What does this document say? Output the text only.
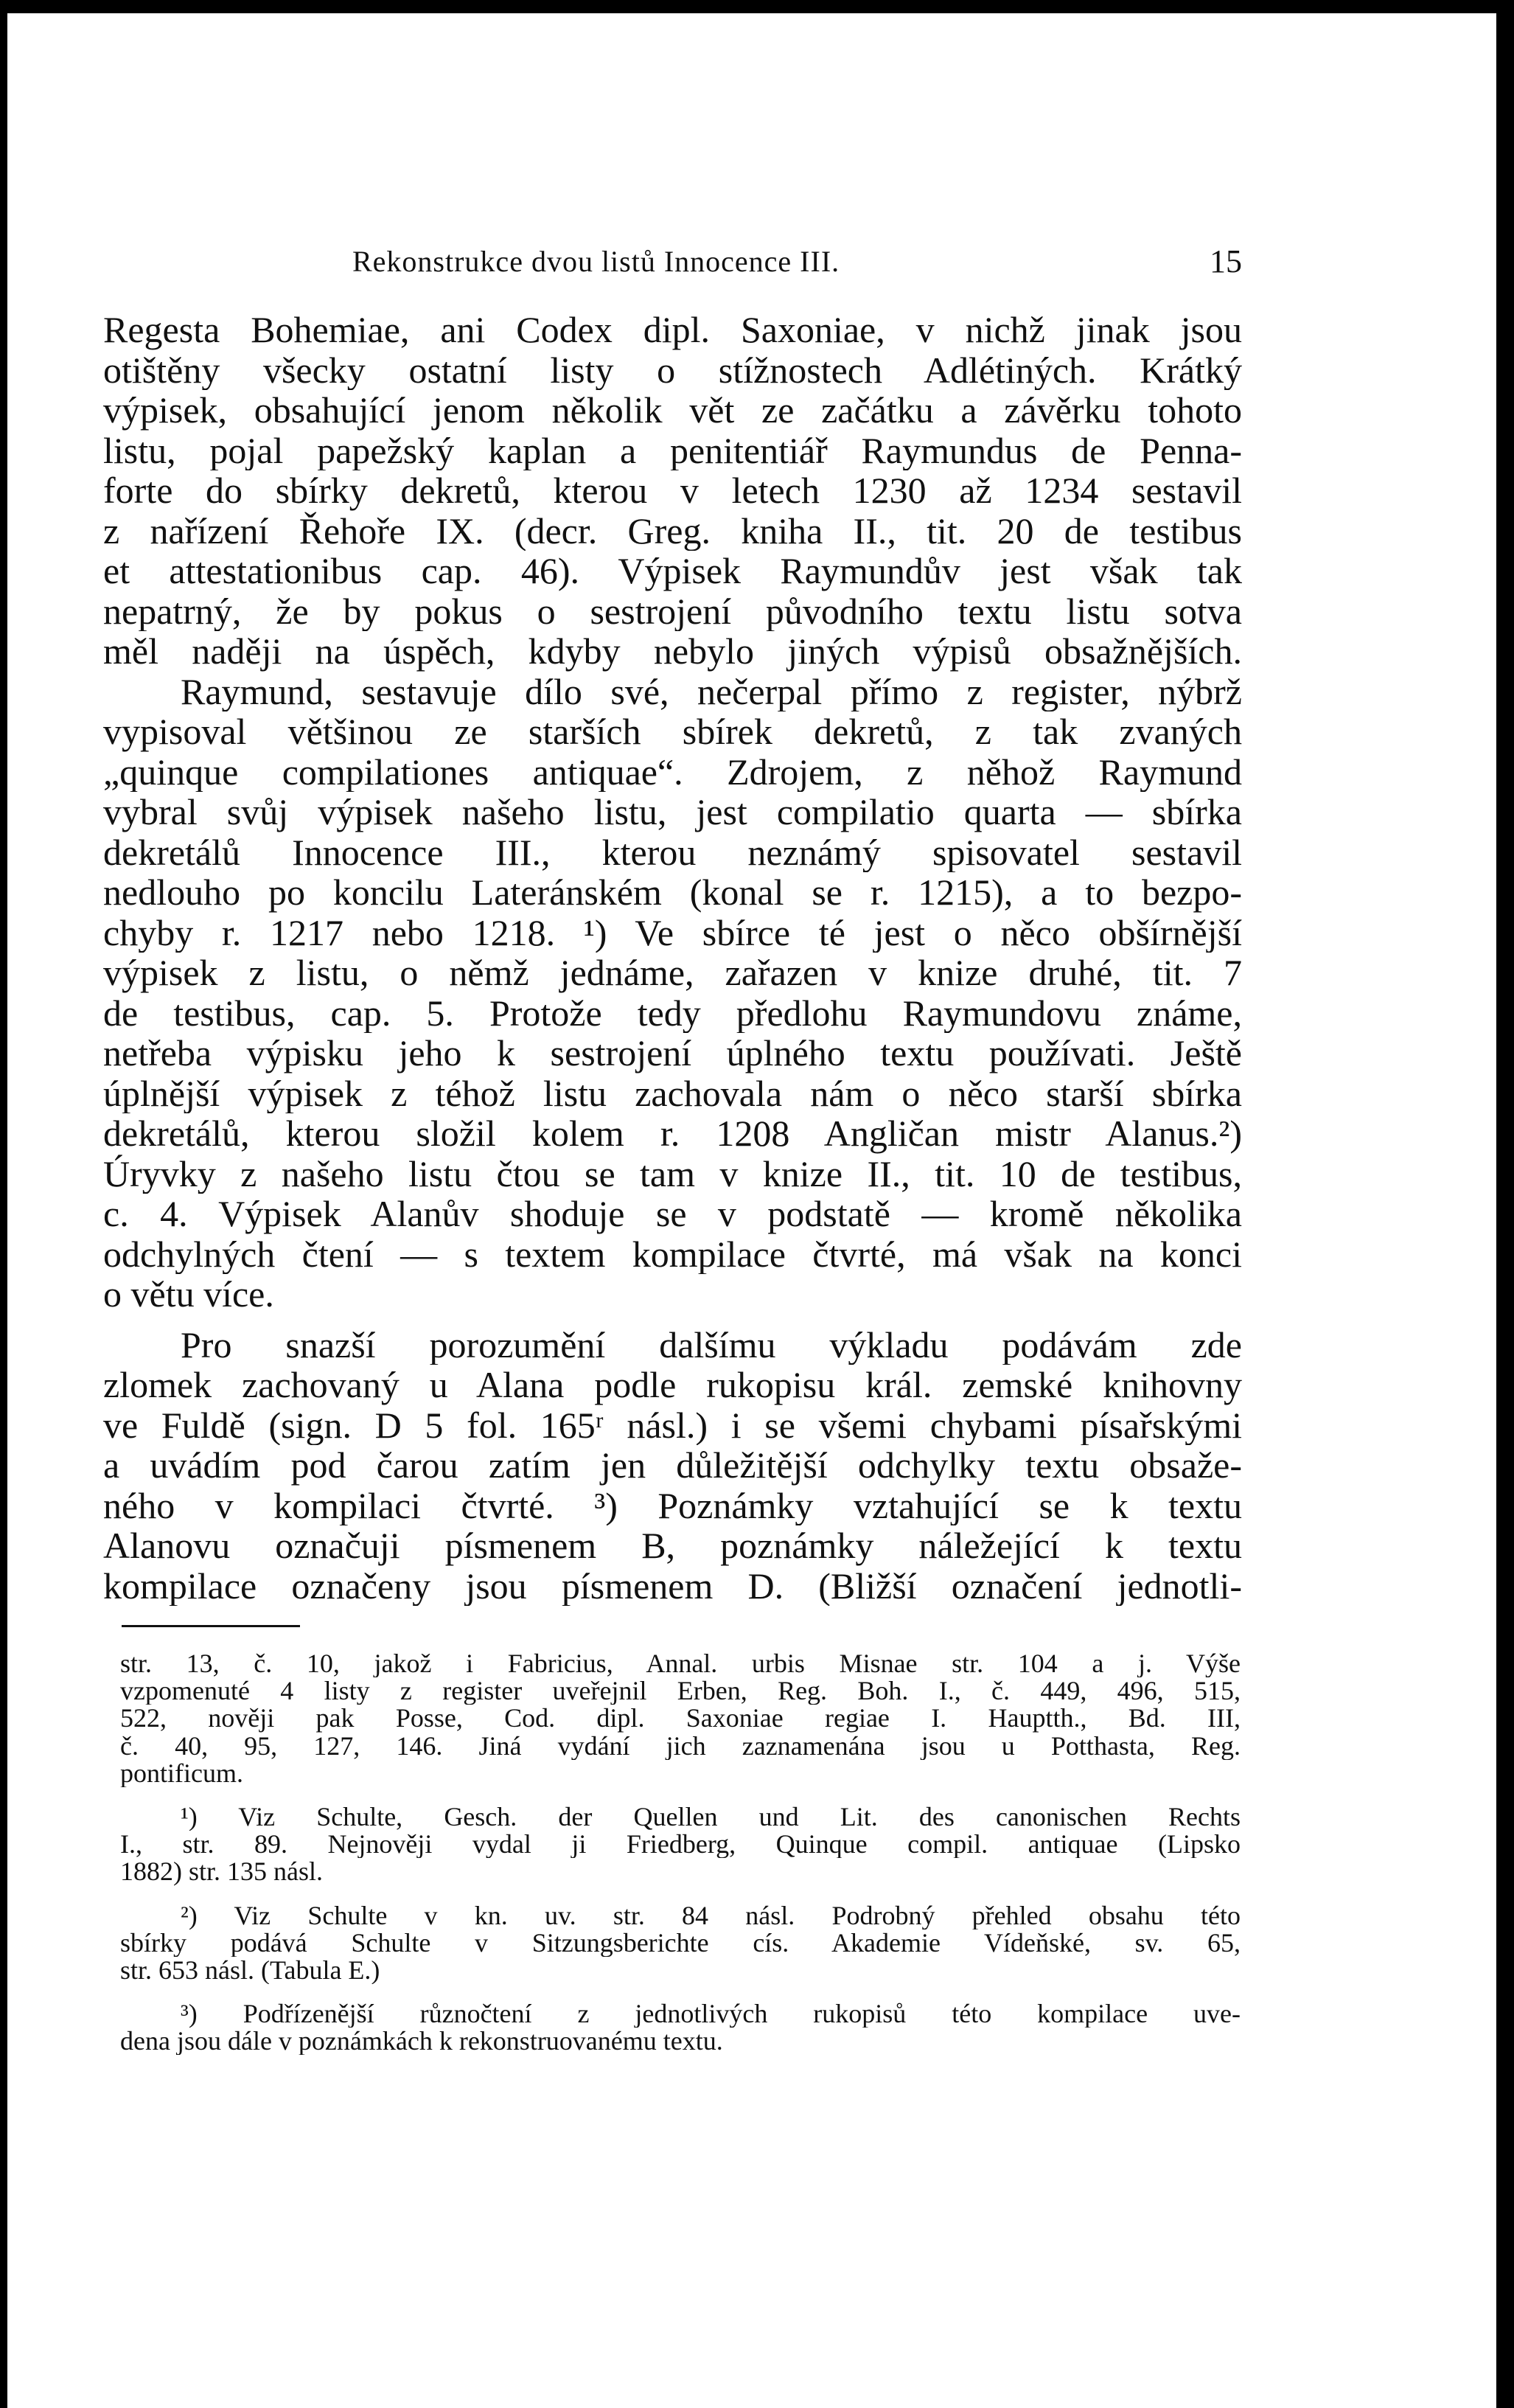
Rekonstrukce dvou listů Innocence III.	15
Regesta Bohemiae, ani Codex dipl. Saxoniae, v nichž jinak jsou
otištěny všecky ostatní listy o stížnostech Adlétiných. Krátký
výpisek, obsahující jenom několik vět ze začátku a závěrku tohoto
listu, pojal papežský kaplan a penitentiář Raymundus de Penna-
forte do sbírky dekretů, kterou v letech 1230 až 1234 sestavil
z nařízení Řehoře IX. (decr. Greg. kniha II., tit. 20 de testibus
et attestationibus cap. 46). Výpisek Raymundův jest však tak
nepatrný, že by pokus o sestrojení původního textu listu sotva
měl naději na úspěch, kdyby nebylo jiných výpisů obsažnějších.
Raymund, sestavuje dílo své, nečerpal přímo z register, nýbrž
vypisoval většinou ze starších sbírek dekretů, z tak zvaných
„quinque compilationes antiquae“. Zdrojem, z něhož Raymund
vybral svůj výpisek našeho listu, jest compilatio quarta — sbírka
dekretálů Innocence III., kterou neznámý spisovatel sestavil
nedlouho po koncilu Lateránském (konal se r. 1215), a to bezpo-
chyby r. 1217 nebo 1218. ¹) Ve sbírce té jest o něco obšírnější
výpisek z listu, o němž jednáme, zařazen v knize druhé, tit. 7
de testibus, cap. 5. Protože tedy předlohu Raymundovu známe,
netřeba výpisku jeho k sestrojení úplného textu používati. Ještě
úplnější výpisek z téhož listu zachovala nám o něco starší sbírka
dekretálů, kterou složil kolem r. 1208 Angličan mistr Alanus.²)
Úryvky z našeho listu čtou se tam v knize II., tit. 10 de testibus,
c. 4. Výpisek Alanův shoduje se v podstatě — kromě několika
odchylných čtení — s textem kompilace čtvrté, má však na konci
o větu více.
Pro snazší porozumění dalšímu výkladu podávám zde
zlomek zachovaný u Alana podle rukopisu král. zemské knihovny
ve Fuldě (sign. D 5 fol. 165ʳ násl.) i se všemi chybami písařskými
a uvádím pod čarou zatím jen důležitější odchylky textu obsaže-
ného v kompilaci čtvrté. ³) Poznámky vztahující se k textu
Alanovu označuji písmenem B, poznámky náležející k textu
kompilace označeny jsou písmenem D. (Bližší označení jednotli-
str. 13, č. 10, jakož i Fabricius, Annal. urbis Misnae str. 104 a j. Výše
vzpomenuté 4 listy z register uveřejnil Erben, Reg. Boh. I., č. 449, 496, 515,
522, nověji pak Posse, Cod. dipl. Saxoniae regiae I. Hauptth., Bd. III,
č. 40, 95, 127, 146. Jiná vydání jich zaznamenána jsou u Potthasta, Reg.
pontificum.
¹) Viz Schulte, Gesch. der Quellen und Lit. des canonischen Rechts
I., str. 89. Nejnověji vydal ji Friedberg, Quinque compil. antiquae (Lipsko
1882) str. 135 násl.
²) Viz Schulte v kn. uv. str. 84 násl. Podrobný přehled obsahu této
sbírky podává Schulte v Sitzungsberichte cís. Akademie Vídeňské, sv. 65,
str. 653 násl. (Tabula E.)
³) Podřízenější různočtení z jednotlivých rukopisů této kompilace uve-
dena jsou dále v poznámkách k rekonstruovanému textu.
